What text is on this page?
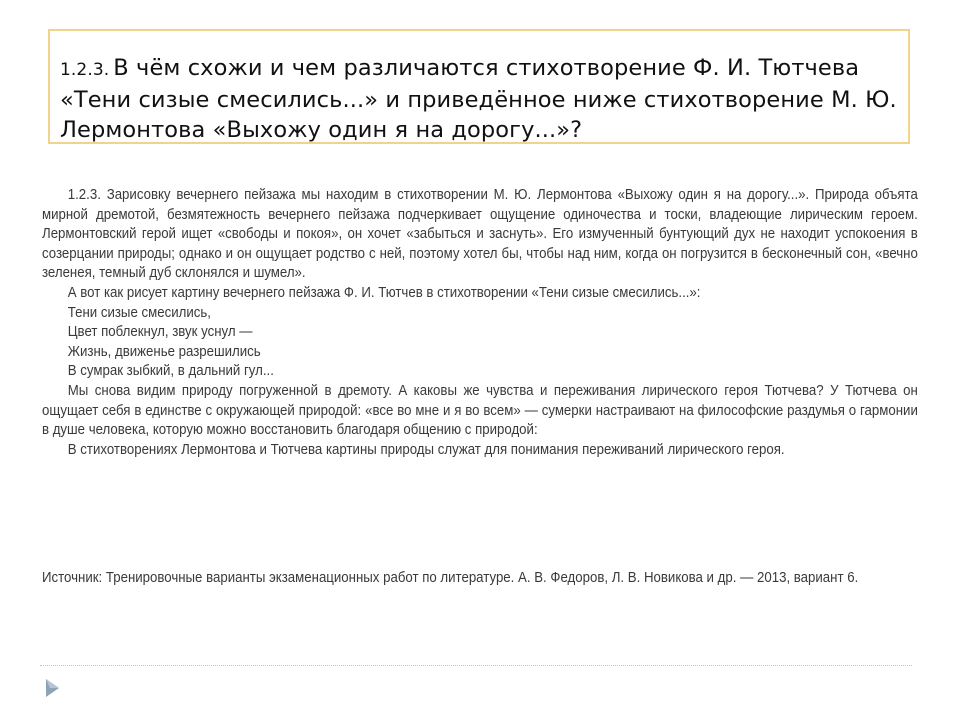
1.2.3. В чём схожи и чем различаются стихотворение Ф. И. Тютчева «Тени сизые смесились...» и приведённое ниже стихотворение М. Ю. Лермонтова «Выхожу один я на дорогу...»?

1.2.3. Зарисовку вечернего пейзажа мы находим в стихотворении М. Ю. Лермонтова «Выхожу один я на дорогу...». Природа объята мирной дремотой, безмятежность вечернего пейзажа подчеркивает ощущение одиночества и тоски, владеющие лирическим героем. Лермонтовский герой ищет «свободы и покоя», он хочет «забыться и заснуть». Его измученный бунтующий дух не находит успокоения в созерцании природы; однако и он ощущает родство с ней, поэтому хотел бы, чтобы над ним, когда он погрузится в бесконечный сон, «вечно зеленея, темный дуб склонялся и шумел».

А вот как рисует картину вечернего пейзажа Ф. И. Тютчев в стихотворении «Тени сизые смесились...»:

Тени сизые смесились,

Цвет поблекнул, звук уснул —

Жизнь, движенье разрешились

В сумрак зыбкий, в дальний гул...

Мы снова видим природу погруженной в дремоту. А каковы же чувства и переживания лирического героя Тютчева? У Тютчева он ощущает себя в единстве с окружающей природой: «все во мне и я во всем» — сумерки настраивают на философские раздумья о гармонии в душе человека, которую можно восстановить благодаря общению с природой:

В стихотворениях Лермонтова и Тютчева картины природы служат для понимания переживаний лирического героя.

Источник: Тренировочные варианты экзаменационных работ по литературе. А. В. Федоров, Л. В. Новикова и др. — 2013, вариант 6.
